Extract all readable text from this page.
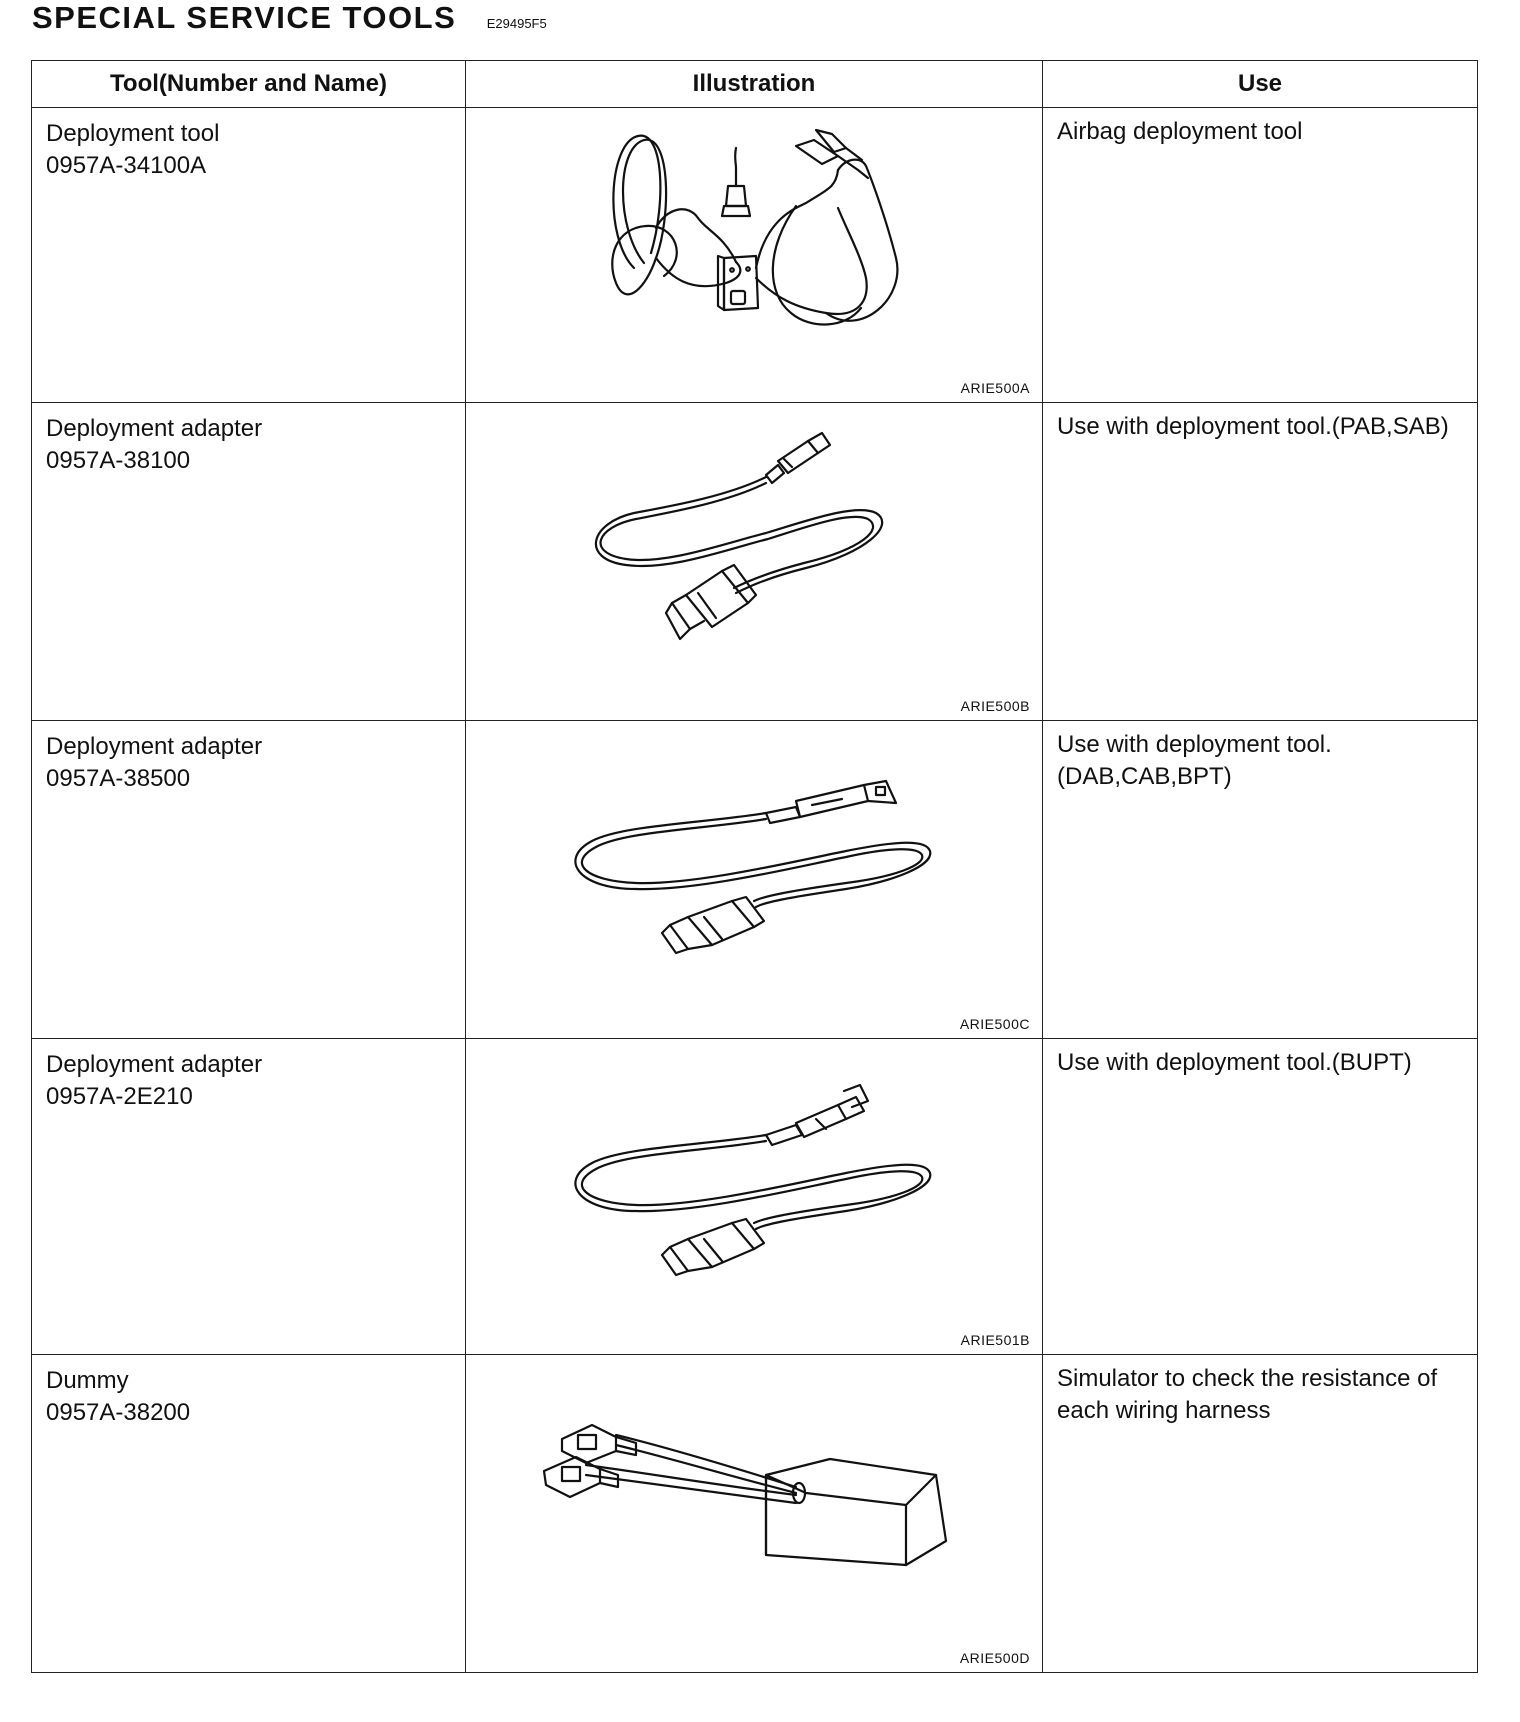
SPECIAL SERVICE TOOLS E29495F5
Tool(Number and Name)	Illustration	Use

Deployment tool
0957A-34100A	ARIE500A	Airbag deployment tool

Deployment adapter
0957A-38100	ARIE500B	Use with deployment tool.(PAB,SAB)

Deployment adapter
0957A-38500	ARIE500C	Use with deployment tool.(DAB,CAB,BPT)

Deployment adapter
0957A-2E210	ARIE501B	Use with deployment tool.(BUPT)

Dummy
0957A-38200	ARIE500D	Simulator to check the resistance of each wiring harness
